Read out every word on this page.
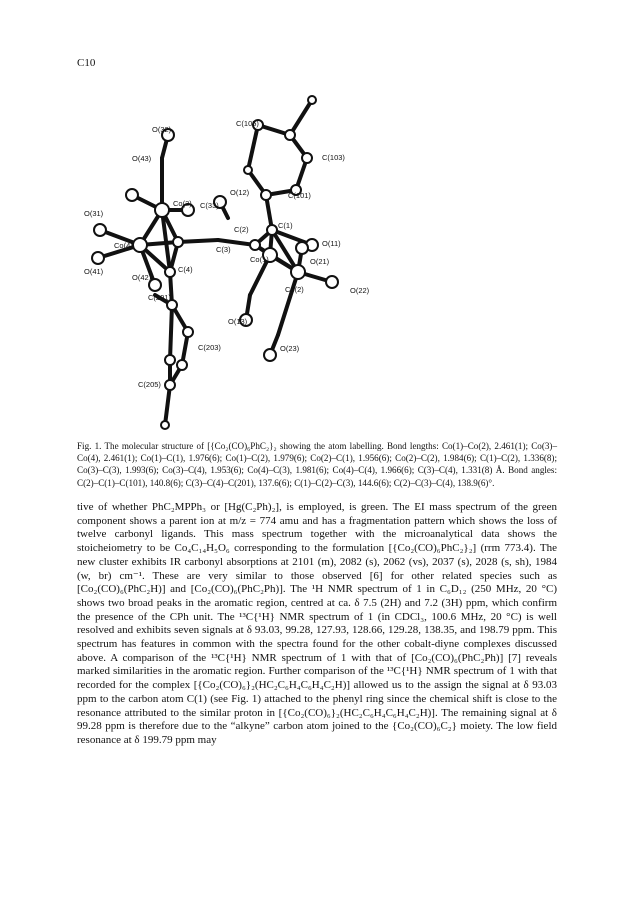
C10
C(105)
O(32)
O(43)	C(103)
O(12)	C(101)
Co(3) C(33)
O(31)
C(2)	C(1)
Co(4)	O(11)
O(41)
C(3)
Co(1)	O(21)
C(4)
O(42)
Co(2)
C(201)
O(22)
O(13)
C(203)	O(23)
C(205)
Fig. 1. The molecular structure of [{Co₂(CO)₆PhC₂}₂ showing the atom labelling. Bond lengths: Co(1)–Co(2), 2.461(1); Co(3)–Co(4), 2.461(1); Co(1)–C(1), 1.976(6); Co(1)–C(2), 1.979(6); Co(2)–C(1), 1.956(6); Co(2)–C(2), 1.984(6); C(1)–C(2), 1.336(8); Co(3)–C(3), 1.993(6); Co(3)–C(4), 1.953(6); Co(4)–C(3), 1.981(6); Co(4)–C(4), 1.966(6); C(3)–C(4), 1.331(8) Å. Bond angles: C(2)–C(1)–C(101), 140.8(6); C(3)–C(4)–C(201), 137.6(6); C(1)–C(2)–C(3), 144.6(6); C(2)–C(3)–C(4), 138.9(6)°.

tive of whether PhC₂MPPh₃ or [Hg(C₂Ph)₂], is employed, is green. The EI mass spectrum of the green component shows a parent ion at m/z = 774 amu and has a fragmentation pattern which shows the loss of twelve carbonyl ligands. This mass spectrum together with the microanalytical data shows the stoicheiometry to be Co₄C₁₄H₅O₆ corresponding to the formulation [{Co₂(CO)₆PhC₂}₂] (rrm 773.4). The new cluster exhibits IR carbonyl absorptions at 2101 (m), 2082 (s), 2062 (vs), 2037 (s), 2028 (s, sh), 1984 (w, br) cm⁻¹. These are very similar to those observed [6] for other related species such as [Co₂(CO)₆(PhC₂H)] and [Co₂(CO)₆(PhC₂Ph)]. The ¹H NMR spectrum of 1 in C₆D₁₂ (250 MHz, 20 °C) shows two broad peaks in the aromatic region, centred at ca. δ 7.5 (2H) and 7.2 (3H) ppm, which confirm the presence of the CPh unit. The ¹³C{¹H} NMR spectrum of 1 (in CDCl₃, 100.6 MHz, 20 °C) is well resolved and exhibits seven signals at δ 93.03, 99.28, 127.93, 128.66, 129.28, 138.35, and 198.79 ppm. This spectrum has features in common with the spectra found for the other cobalt-diyne complexes discussed above. A comparison of the ¹³C{¹H} NMR spectrum of 1 with that of [Co₂(CO)₆(PhC₂Ph)] [7] reveals marked similarities in the aromatic region. Further comparison of the ¹³C{¹H} NMR spectrum of 1 with that recorded for the complex [{Co₂(CO)₆}₂(HC₂C₆H₄C₆H₄C₂H)] allowed us to the assign the signal at δ 93.03 ppm to the carbon atom C(1) (see Fig. 1) attached to the phenyl ring since the chemical shift is close to the resonance attributed to the similar proton in [{Co₂(CO)₆}₂(HC₂C₆H₄C₆H₄C₂H)]. The remaining signal at δ 99.28 ppm is therefore due to the “alkyne” carbon atom joined to the {Co₂(CO)₆C₂} moiety. The low field resonance at δ 199.79 ppm may
